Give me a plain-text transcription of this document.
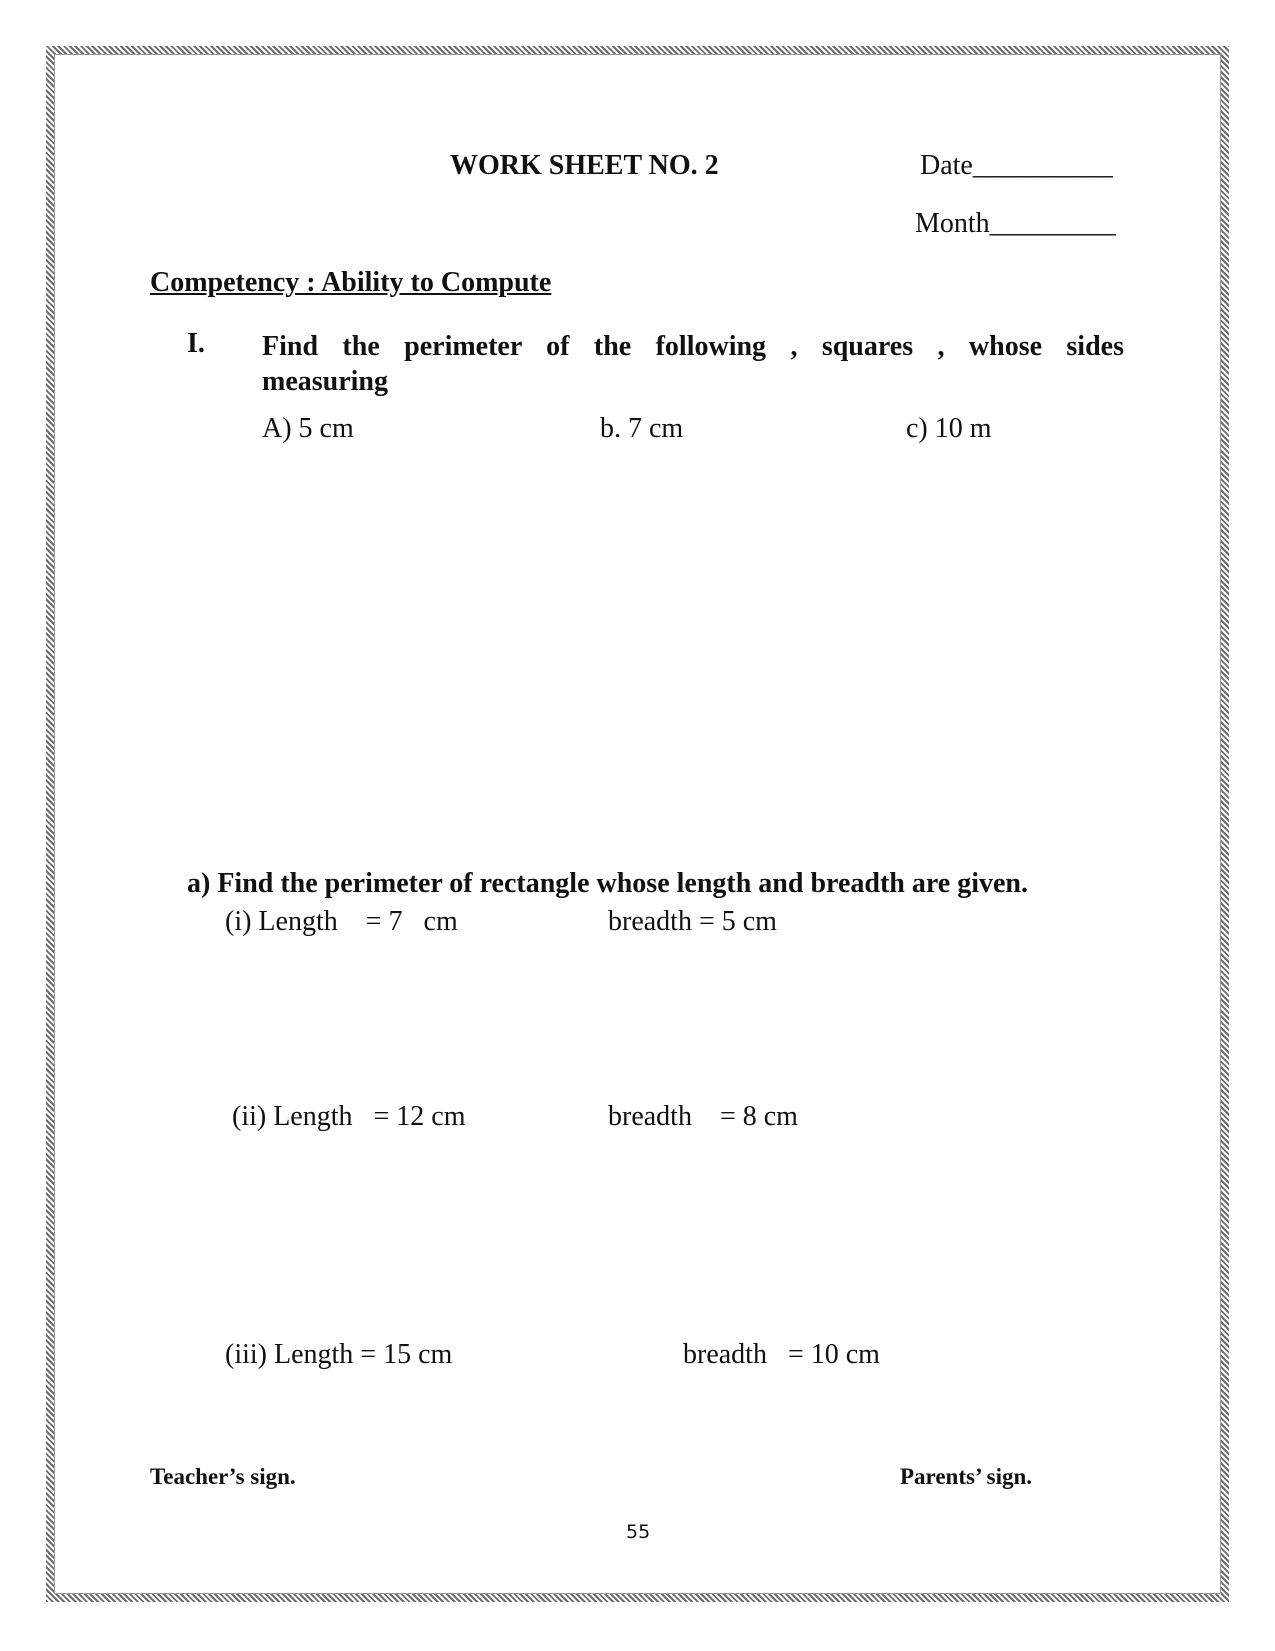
WORK SHEET NO. 2	Date__________
Month_________
Competency : Ability to Compute
I. Find the perimeter of the following , squares , whose sides
measuring
A) 5 cm	b. 7 cm	c) 10 m
a) Find the perimeter of rectangle whose length and breadth are given.
(i) Length    = 7   cm	breadth = 5 cm
(ii) Length   = 12 cm	breadth    = 8 cm
(iii) Length = 15 cm	breadth   = 10 cm
Teacher’s sign.	Parents’ sign.
55
